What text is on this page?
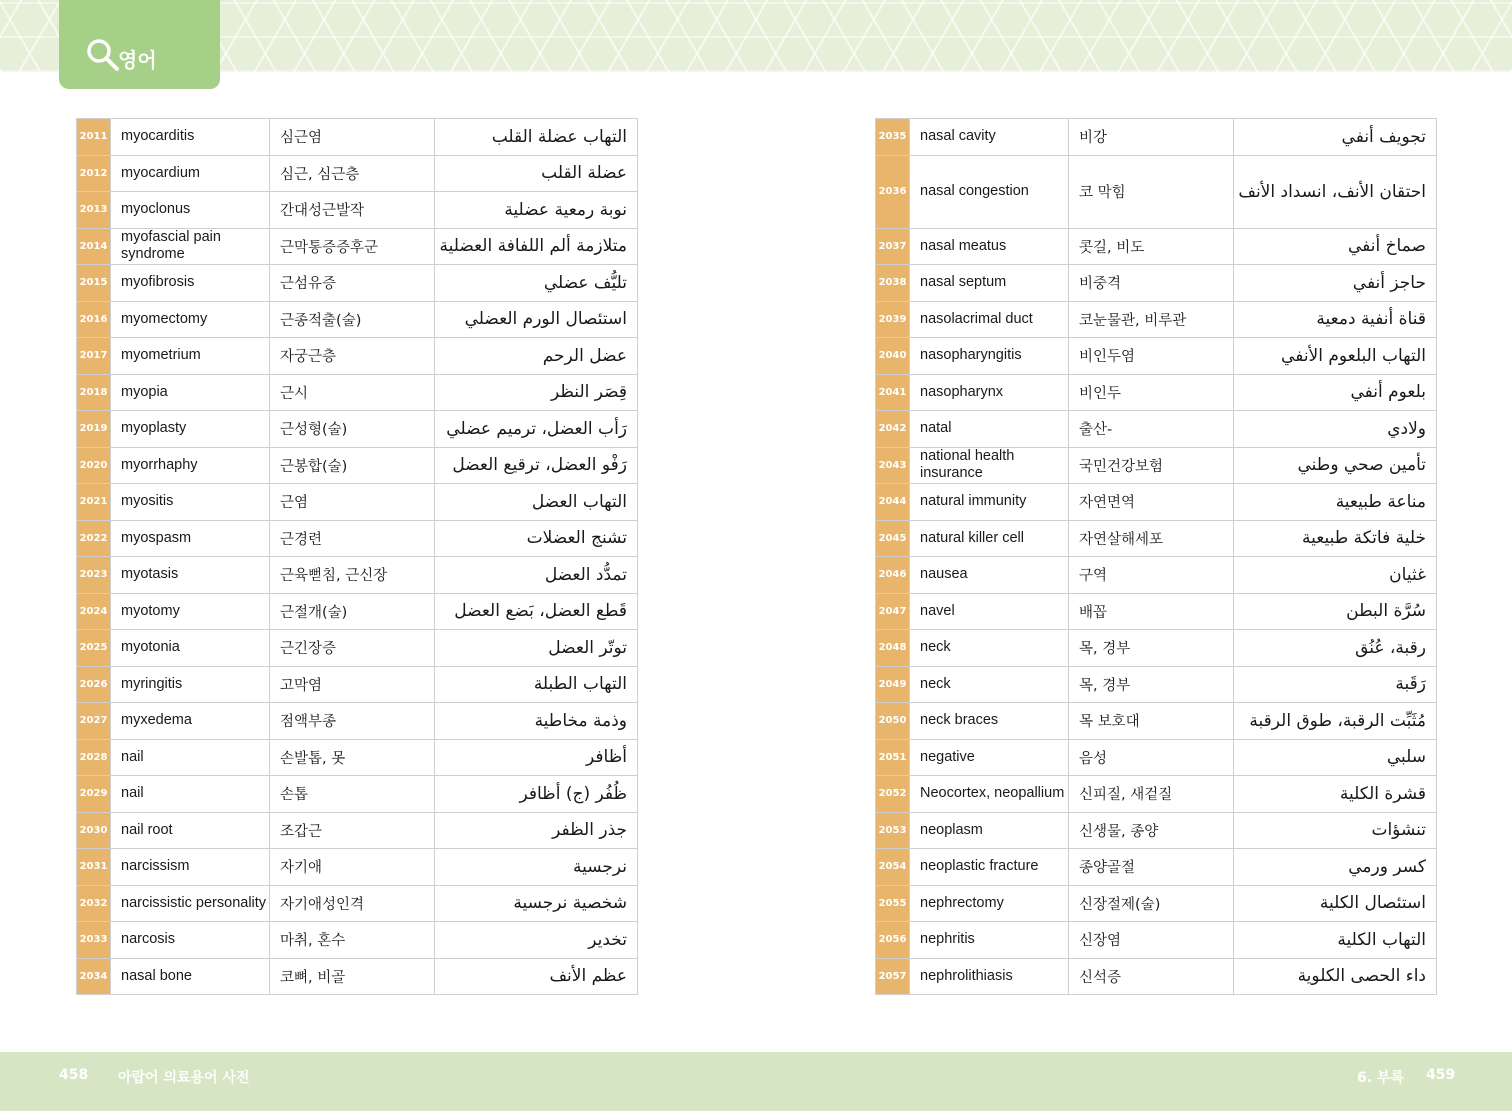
영어
2011	myocarditis	심근염	التهاب عضلة القلب
2012	myocardium	심근, 심근층	عضلة القلب
2013	myoclonus	간대성근발작	نوبة رمعية عضلية
2014	myofascial pain syndrome	근막통증증후군	متلازمة ألم اللفافة العضلية
2015	myofibrosis	근섬유증	تليُّف عضلي
2016	myomectomy	근종적출(술)	استئصال الورم العضلي
2017	myometrium	자궁근층	عضل الرحم
2018	myopia	근시	قِصَر النظر
2019	myoplasty	근성형(술)	رَأب العضل، ترميم عضلي
2020	myorrhaphy	근봉합(술)	رَفْو العضل، ترقيع العضل
2021	myositis	근염	التهاب العضل
2022	myospasm	근경련	تشنج العضلات
2023	myotasis	근육뻗침, 근신장	تمدُّد العضل
2024	myotomy	근절개(술)	قَطع العضل، بَضع العضل
2025	myotonia	근긴장증	توتّر العضل
2026	myringitis	고막염	التهاب الطبلة
2027	myxedema	점액부종	وذمة مخاطية
2028	nail	손발톱, 못	أظافر
2029	nail	손톱	ظُفُر (ج) أظافر
2030	nail root	조갑근	جذر الظفر
2031	narcissism	자기애	نرجسية
2032	narcissistic personality	자기애성인격	شخصية نرجسية
2033	narcosis	마취, 혼수	تخدير
2034	nasal bone	코뼈, 비골	عظم الأنف
2035	nasal cavity	비강	تجويف أنفي
2036	nasal congestion	코 막힘	احتقان الأنف، انسداد الأنف
2037	nasal meatus	콧길, 비도	صماخ أنفي
2038	nasal septum	비중격	حاجز أنفي
2039	nasolacrimal duct	코눈물관, 비루관	قناة أنفية دمعية
2040	nasopharyngitis	비인두염	التهاب البلعوم الأنفي
2041	nasopharynx	비인두	بلعوم أنفي
2042	natal	출산-	ولادي
2043	national health insurance	국민건강보험	تأمين صحي وطني
2044	natural immunity	자연면역	مناعة طبيعية
2045	natural killer cell	자연살해세포	خلية فاتكة طبيعية
2046	nausea	구역	غثيان
2047	navel	배꼽	سُرَّة البطن
2048	neck	목, 경부	رقبة، عُنُق
2049	neck	목, 경부	رَقَبة
2050	neck braces	목 보호대	مُثَبِّت الرقبة، طوق الرقبة
2051	negative	음성	سلبي
2052	Neocortex, neopallium	신피질, 새겉질	قشرة الكلية
2053	neoplasm	신생물, 종양	تنشؤات
2054	neoplastic fracture	종양골절	كسر ورمي
2055	nephrectomy	신장절제(술)	استئصال الكلية
2056	nephritis	신장염	التهاب الكلية
2057	nephrolithiasis	신석증	داء الحصى الكلوية
458 아랍어 의료용어 사전	6. 부록 459
